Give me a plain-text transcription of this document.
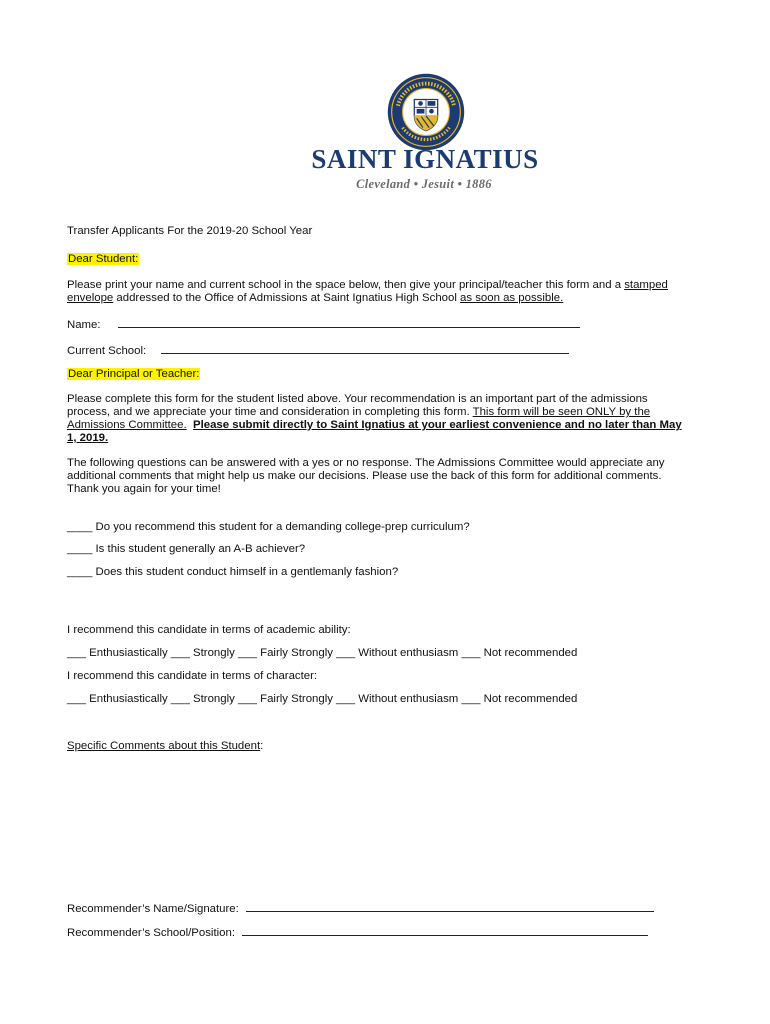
SAINT IGNATIUS
Cleveland • Jesuit • 1886
Transfer Applicants For the 2019-20 School Year
Dear Student:
Please print your name and current school in the space below, then give your principal/teacher this form and a stamped envelope addressed to the Office of Admissions at Saint Ignatius High School as soon as possible.
Name:
Current School:
Dear Principal or Teacher:
Please complete this form for the student listed above. Your recommendation is an important part of the admissions process, and we appreciate your time and consideration in completing this form. This form will be seen ONLY by the Admissions Committee. Please submit directly to Saint Ignatius at your earliest convenience and no later than May 1, 2019.
The following questions can be answered with a yes or no response. The Admissions Committee would appreciate any additional comments that might help us make our decisions. Please use the back of this form for additional comments. Thank you again for your time!
____ Do you recommend this student for a demanding college-prep curriculum?
____ Is this student generally an A-B achiever?
____ Does this student conduct himself in a gentlemanly fashion?
I recommend this candidate in terms of academic ability:
___ Enthusiastically ___ Strongly ___ Fairly Strongly ___ Without enthusiasm ___ Not recommended
I recommend this candidate in terms of character:
___ Enthusiastically ___ Strongly ___ Fairly Strongly ___ Without enthusiasm ___ Not recommended
Specific Comments about this Student:
Recommender’s Name/Signature:
Recommender’s School/Position:
